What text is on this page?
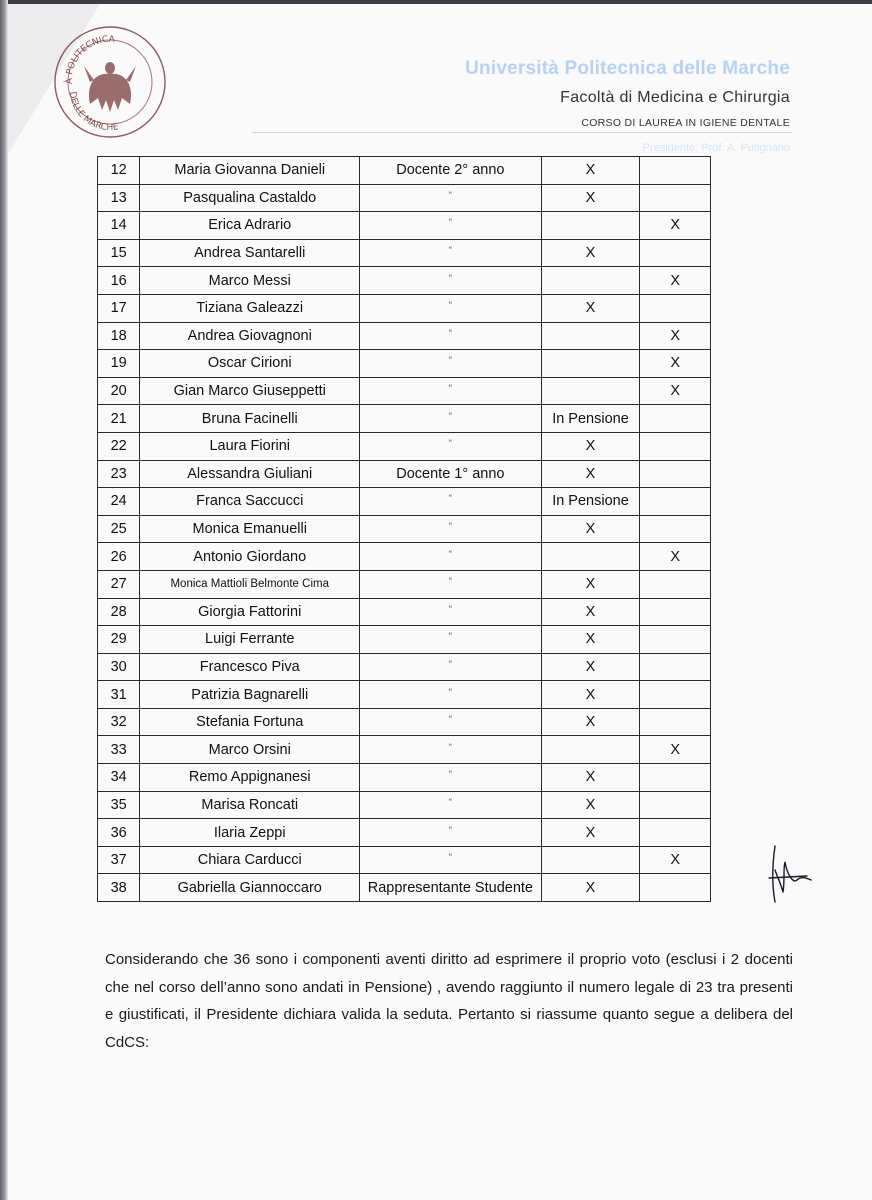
À POLITECNICA
DELLE MARCHE
Università Politecnica delle Marche
Facoltà di Medicina e Chirurgia
CORSO DI LAUREA IN IGIENE DENTALE
Presidente: Prof. A. Putignano
12	Maria Giovanna Danieli	Docente 2° anno	X	
13	Pasqualina Castaldo	“	X	
14	Erica Adrario	“		X
15	Andrea Santarelli	“	X	
16	Marco Messi	“		X
17	Tiziana Galeazzi	“	X	
18	Andrea Giovagnoni	“		X
19	Oscar Cirioni	“		X
20	Gian Marco Giuseppetti	“		X
21	Bruna Facinelli	“	In Pensione	
22	Laura Fiorini	“	X	
23	Alessandra Giuliani	Docente 1° anno	X	
24	Franca Saccucci	“	In Pensione	
25	Monica Emanuelli	“	X	
26	Antonio Giordano	“		X
27	Monica Mattioli Belmonte Cima	“	X	
28	Giorgia Fattorini	“	X	
29	Luigi Ferrante	“	X	
30	Francesco Piva	“	X	
31	Patrizia Bagnarelli	“	X	
32	Stefania Fortuna	“	X	
33	Marco Orsini	“		X
34	Remo Appignanesi	“	X	
35	Marisa Roncati	“	X	
36	Ilaria Zeppi	“	X	
37	Chiara Carducci	“		X
38	Gabriella Giannoccaro	Rappresentante Studente	X	
Considerando che 36 sono i componenti aventi diritto ad esprimere il proprio voto (esclusi i 2 docenti che nel corso dell’anno sono andati in Pensione) , avendo raggiunto il numero legale di 23 tra presenti e giustificati, il Presidente dichiara valida la seduta. Pertanto si riassume quanto segue a delibera del CdCS:
